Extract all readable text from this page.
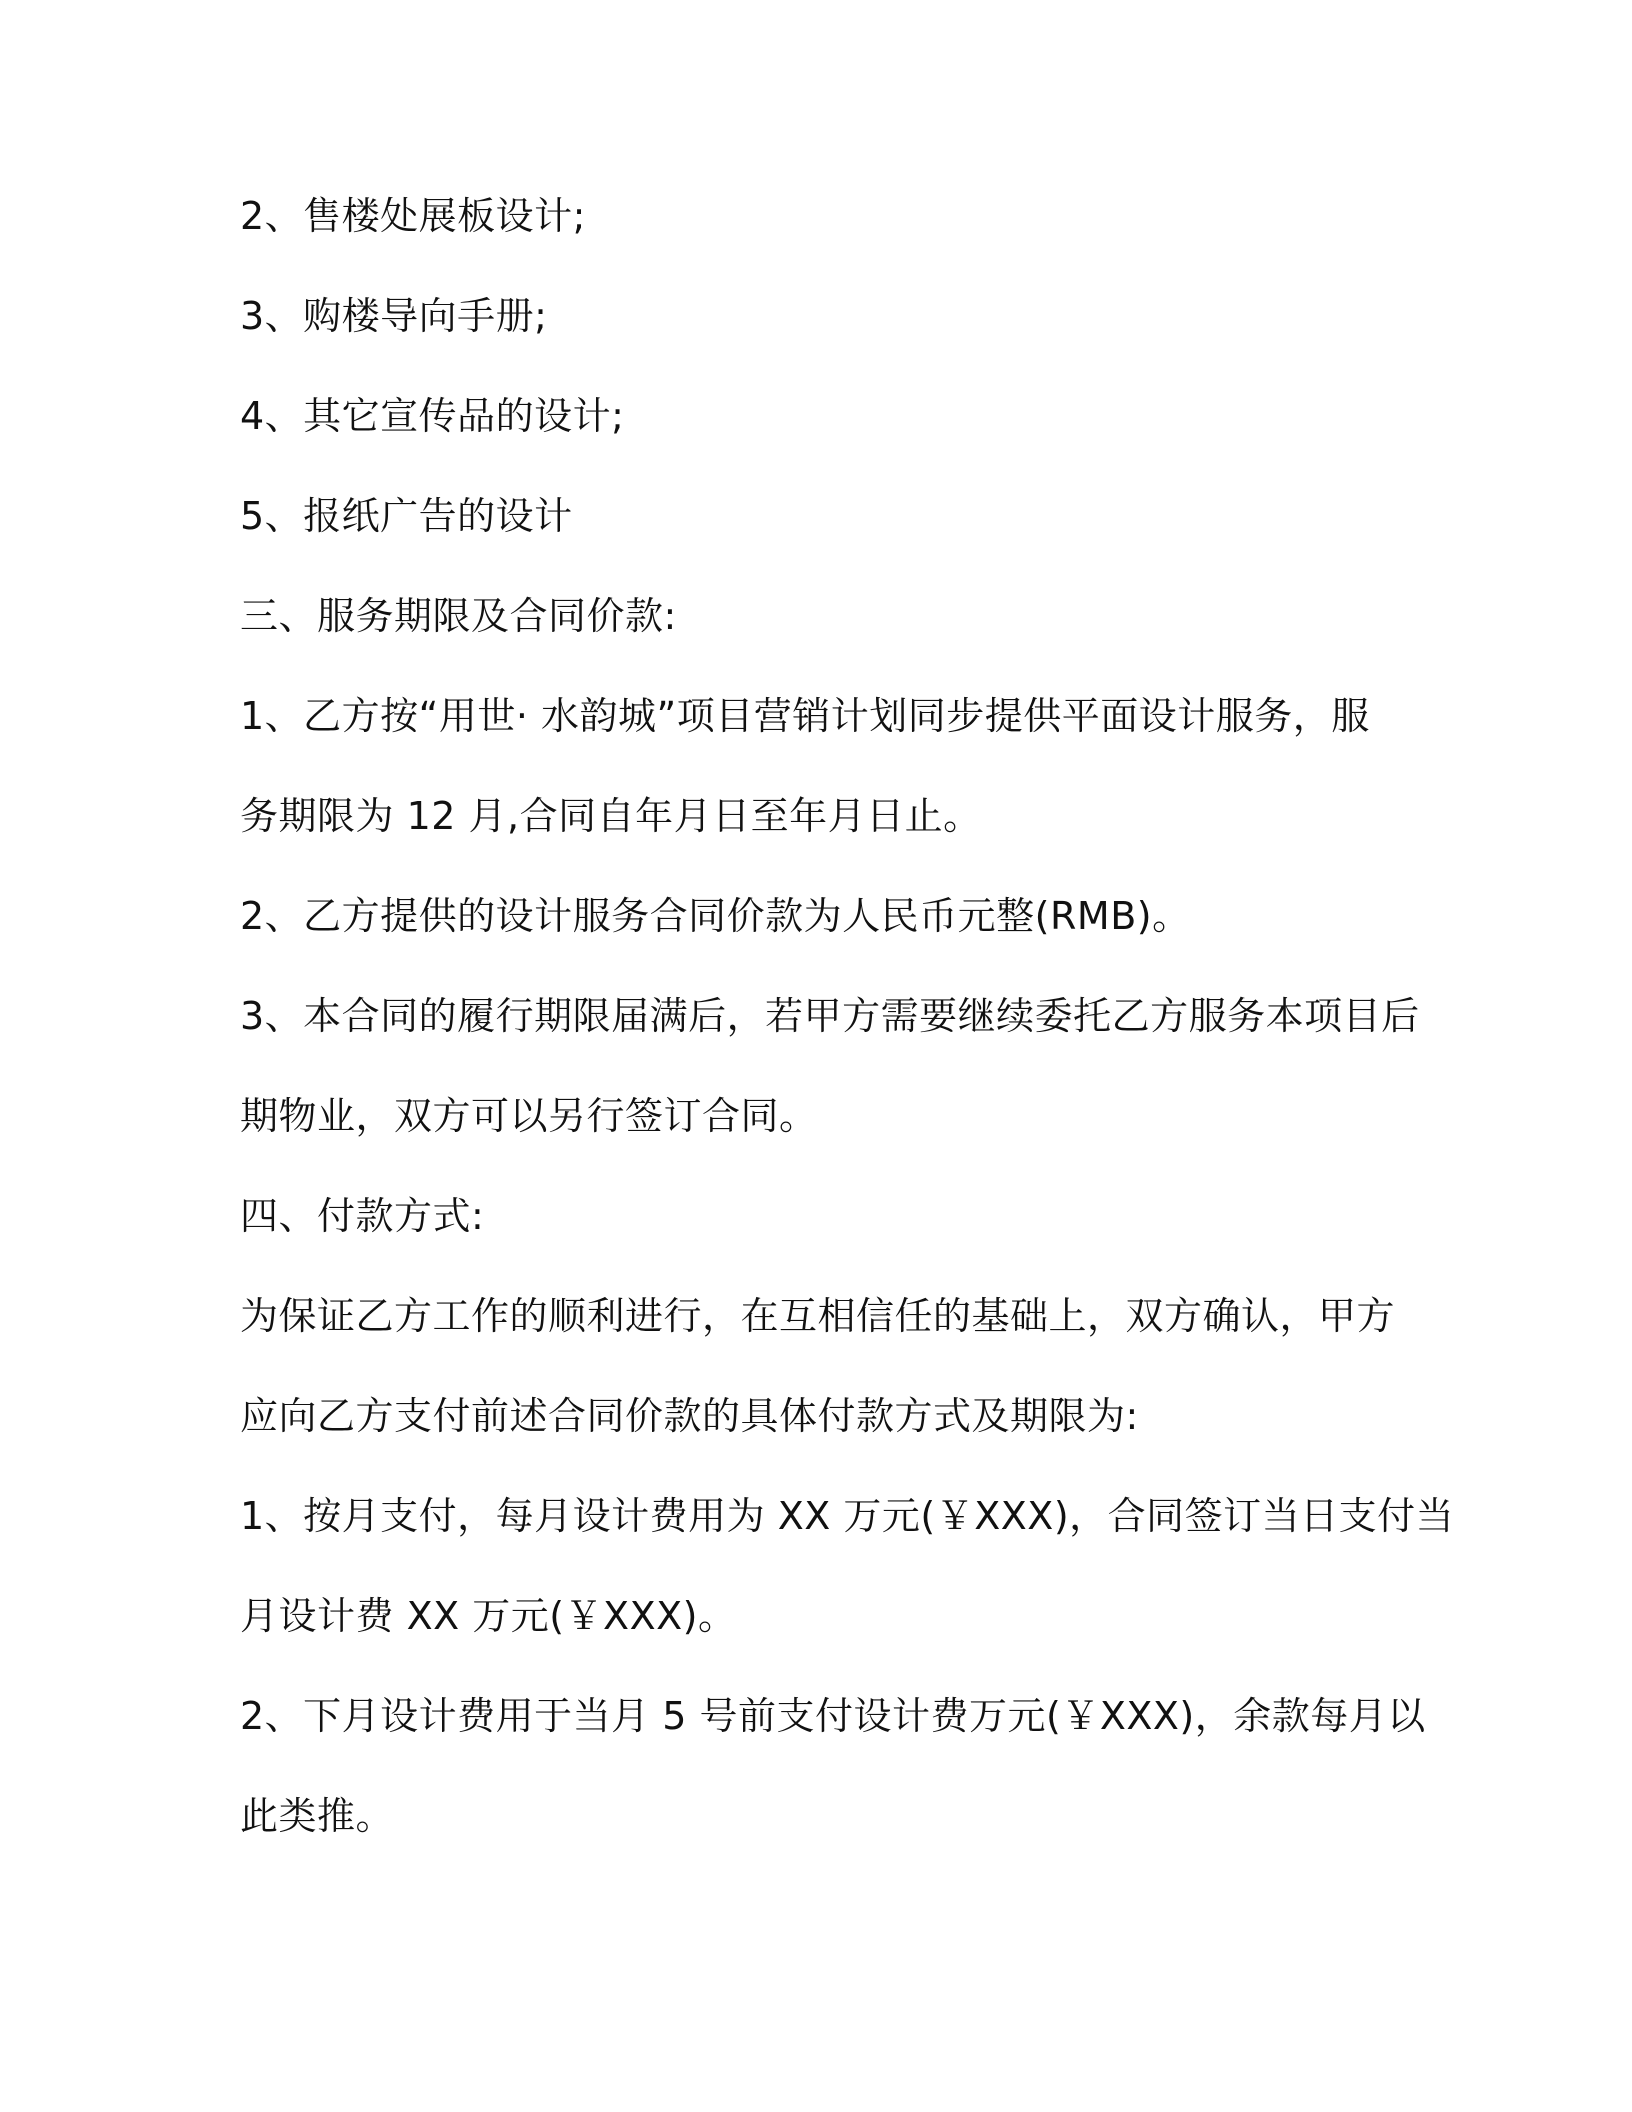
2、售楼处展板设计;
3、购楼导向手册;
4、其它宣传品的设计;
5、报纸广告的设计
三、服务期限及合同价款:
1、乙方按“用世· 水韵城”项目营销计划同步提供平面设计服务，服
务期限为 12 月,合同自年月日至年月日止。
2、乙方提供的设计服务合同价款为人民币元整(RMB)。
3、本合同的履行期限届满后，若甲方需要继续委托乙方服务本项目后
期物业，双方可以另行签订合同。
四、付款方式:
为保证乙方工作的顺利进行，在互相信任的基础上，双方确认，甲方
应向乙方支付前述合同价款的具体付款方式及期限为:
1、按月支付，每月设计费用为 XX 万元(￥XXX)，合同签订当日支付当
月设计费 XX 万元(￥XXX)。
2、下月设计费用于当月 5 号前支付设计费万元(￥XXX)，余款每月以
此类推。
